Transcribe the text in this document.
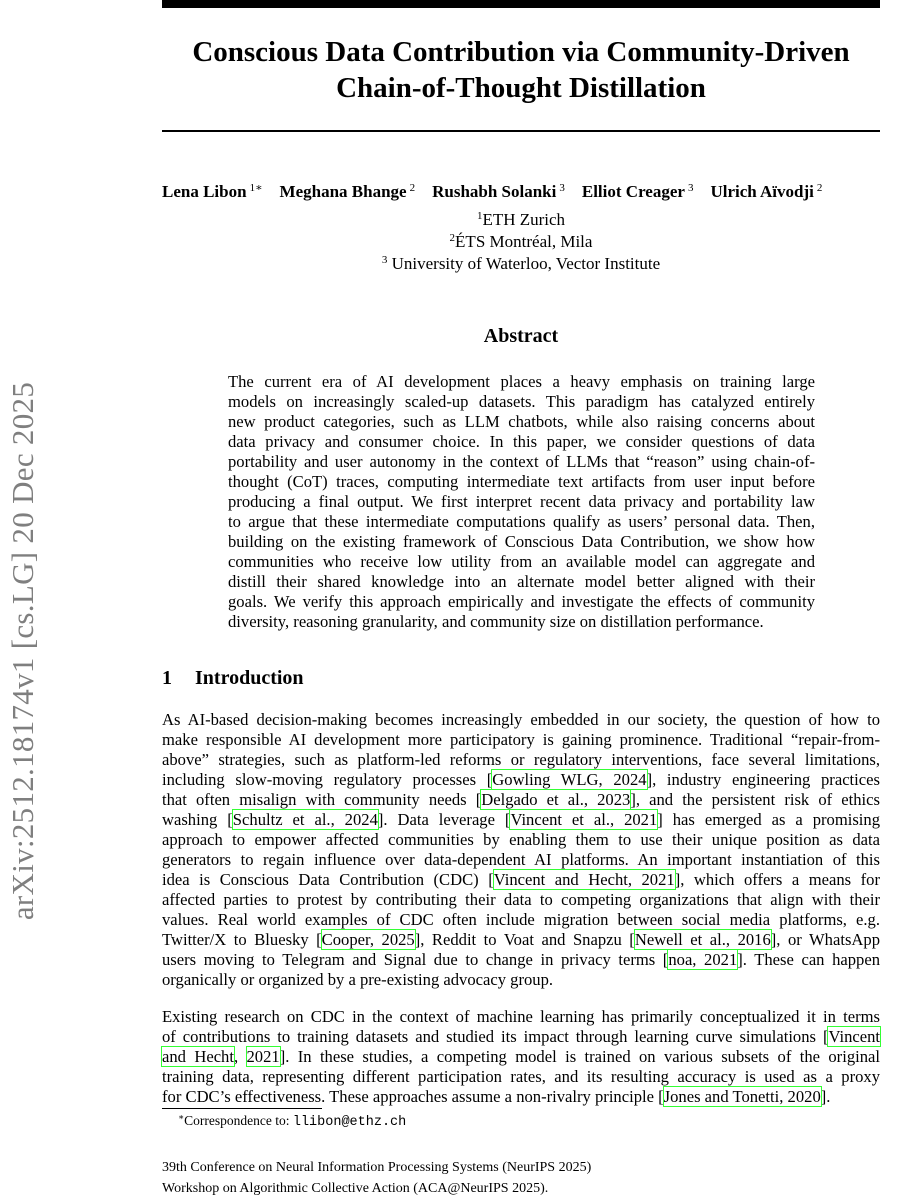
arXiv:2512.18174v1 [cs.LG] 20 Dec 2025
Conscious Data Contribution via Community-Driven
Chain-of-Thought Distillation
Lena Libon $^{1∗}$ Meghana Bhange $^2$ Rushabh Solanki $^3$ Elliot Creager $^3$ Ulrich Aïvodji $^2$
$^1$ETH Zurich
$^2$ÉTS Montréal, Mila
$^3$ University of Waterloo, Vector Institute
Abstract
The current era of AI development places a heavy emphasis on training large
models on increasingly scaled-up datasets. This paradigm has catalyzed entirely
new product categories, such as LLM chatbots, while also raising concerns about
data privacy and consumer choice. In this paper, we consider questions of data
portability and user autonomy in the context of LLMs that “reason” using chain-of-
thought (CoT) traces, computing intermediate text artifacts from user input before
producing a final output. We first interpret recent data privacy and portability law
to argue that these intermediate computations qualify as users’ personal data. Then,
building on the existing framework of Conscious Data Contribution, we show how
communities who receive low utility from an available model can aggregate and
distill their shared knowledge into an alternate model better aligned with their
goals. We verify this approach empirically and investigate the effects of community
diversity, reasoning granularity, and community size on distillation performance.
1 Introduction
As AI-based decision-making becomes increasingly embedded in our society, the question of how to
make responsible AI development more participatory is gaining prominence. Traditional “repair-from-
above” strategies, such as platform-led reforms or regulatory interventions, face several limitations,
including slow-moving regulatory processes [Gowling WLG, 2024], industry engineering practices
that often misalign with community needs [Delgado et al., 2023], and the persistent risk of ethics
washing [Schultz et al., 2024]. Data leverage [Vincent et al., 2021] has emerged as a promising
approach to empower affected communities by enabling them to use their unique position as data
generators to regain influence over data-dependent AI platforms. An important instantiation of this
idea is Conscious Data Contribution (CDC) [Vincent and Hecht, 2021], which offers a means for
affected parties to protest by contributing their data to competing organizations that align with their
values. Real world examples of CDC often include migration between social media platforms, e.g.
Twitter/X to Bluesky [Cooper, 2025], Reddit to Voat and Snapzu [Newell et al., 2016], or WhatsApp
users moving to Telegram and Signal due to change in privacy terms [noa, 2021]. These can happen
organically or organized by a pre-existing advocacy group.
Existing research on CDC in the context of machine learning has primarily conceptualized it in terms
of contributions to training datasets and studied its impact through learning curve simulations [Vincent
and Hecht, 2021]. In these studies, a competing model is trained on various subsets of the original
training data, representing different participation rates, and its resulting accuracy is used as a proxy
for CDC’s effectiveness. These approaches assume a non-rivalry principle [Jones and Tonetti, 2020].
∗Correspondence to: llibon@ethz.ch
39th Conference on Neural Information Processing Systems (NeurIPS 2025)
Workshop on Algorithmic Collective Action (ACA@NeurIPS 2025).
